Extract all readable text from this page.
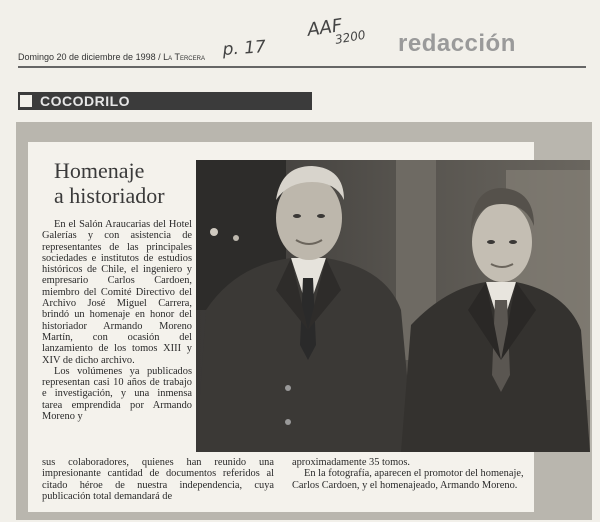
Domingo 20 de diciembre de 1998 / La Tercera p. 17
AAF
3200 redacción
COCODRILO
Homenaje
a historiador

En el Salón Araucarias del Hotel Galerías y con asistencia de representantes de las principales sociedades e institutos de estudios históricos de Chile, el ingeniero y empresario Carlos Cardoen, miembro del Comité Directivo del Archivo José Miguel Carrera, brindó un homenaje en honor del historiador Armando Moreno Martín, con ocasión del lanzamiento de los tomos XIII y XIV de dicho archivo.

Los volúmenes ya publicados representan casi 10 años de trabajo e investigación, y una inmensa tarea emprendida por Armando Moreno y

sus colaboradores, quienes han reunido una impresionante cantidad de documentos referidos al citado héroe de nuestra independencia, cuya publicación total demandará de

aproximadamente 35 tomos.

En la fotografía, aparecen el promotor del homenaje, Carlos Cardoen, y el homenajeado, Armando Moreno.
